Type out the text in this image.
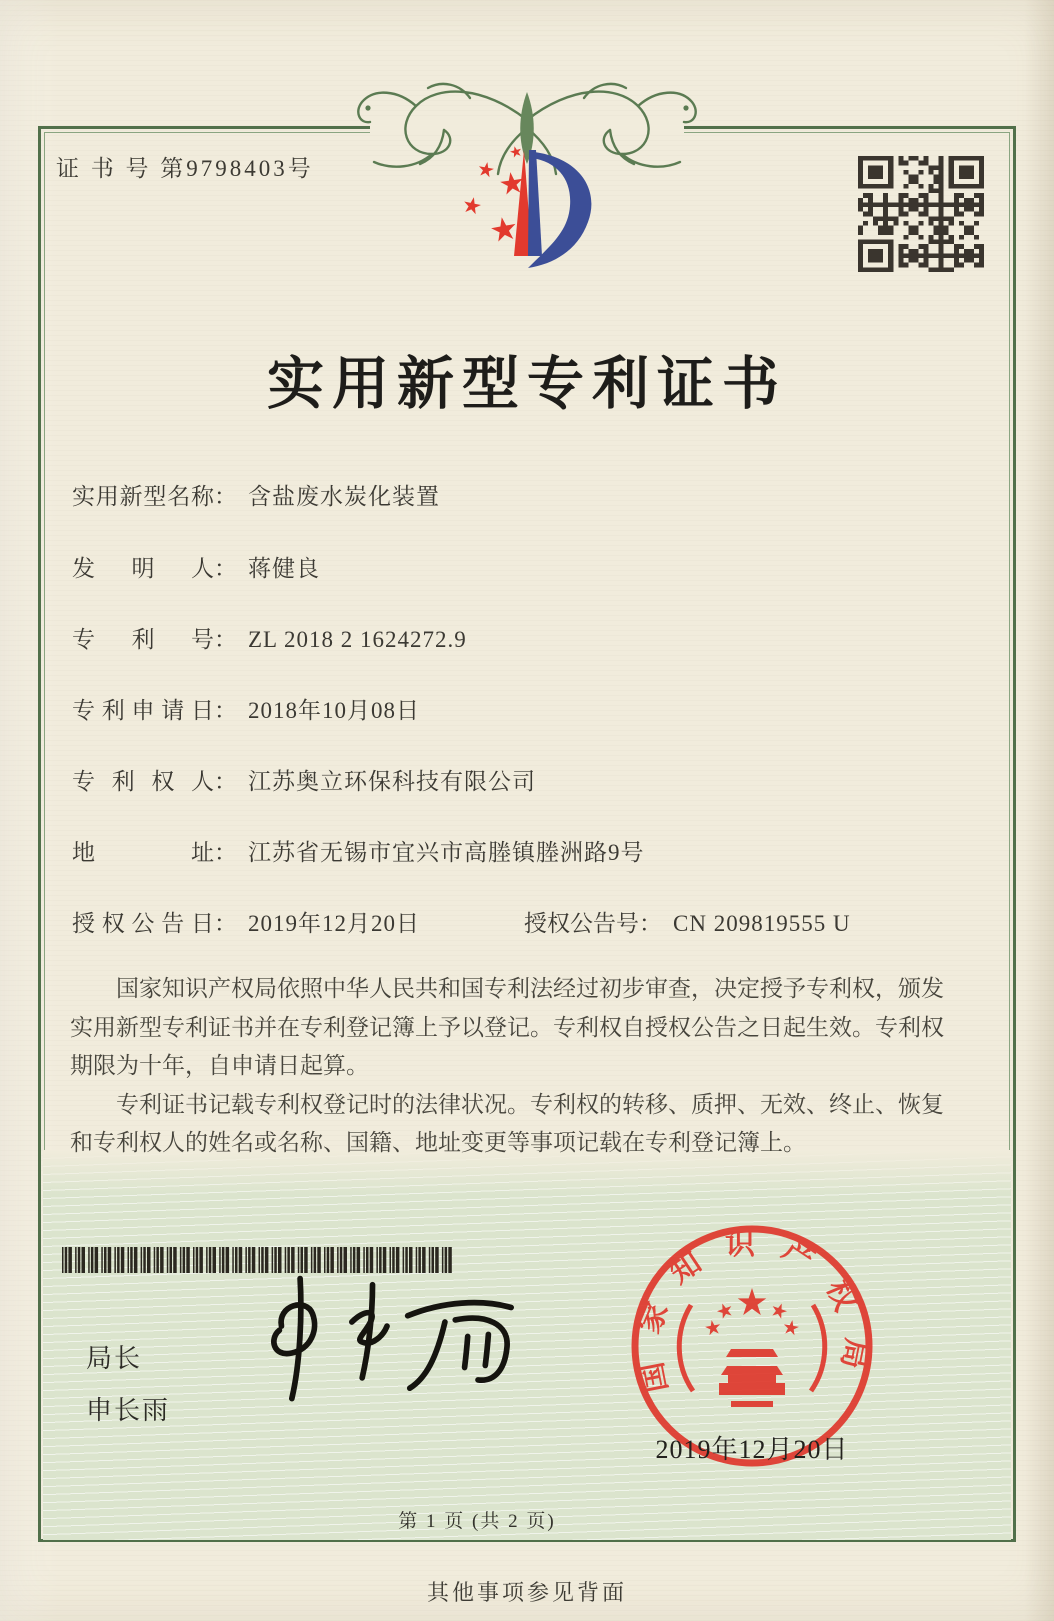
证 书 号 第9798403号
实用新型专利证书
实用新型名称： 含盐废水炭化装置
发明人： 蒋健良
专利号： ZL 2018 2 1624272.9
专利申请日： 2018年10月08日
专利权人： 江苏奥立环保科技有限公司
地址： 江苏省无锡市宜兴市高塍镇塍洲路9号
授权公告日： 2019年12月20日	授权公告号： CN 209819555 U

国家知识产权局依照中华人民共和国专利法经过初步审查，决定授予专利权，颁发实用新型专利证书并在专利登记簿上予以登记。专利权自授权公告之日起生效。专利权期限为十年，自申请日起算。

专利证书记载专利权登记时的法律状况。专利权的转移、质押、无效、终止、恢复和专利权人的姓名或名称、国籍、地址变更等事项记载在专利登记簿上。

局长
申长雨
国家知识产权局
2019年12月20日
第 1 页 (共 2 页)
其他事项参见背面
